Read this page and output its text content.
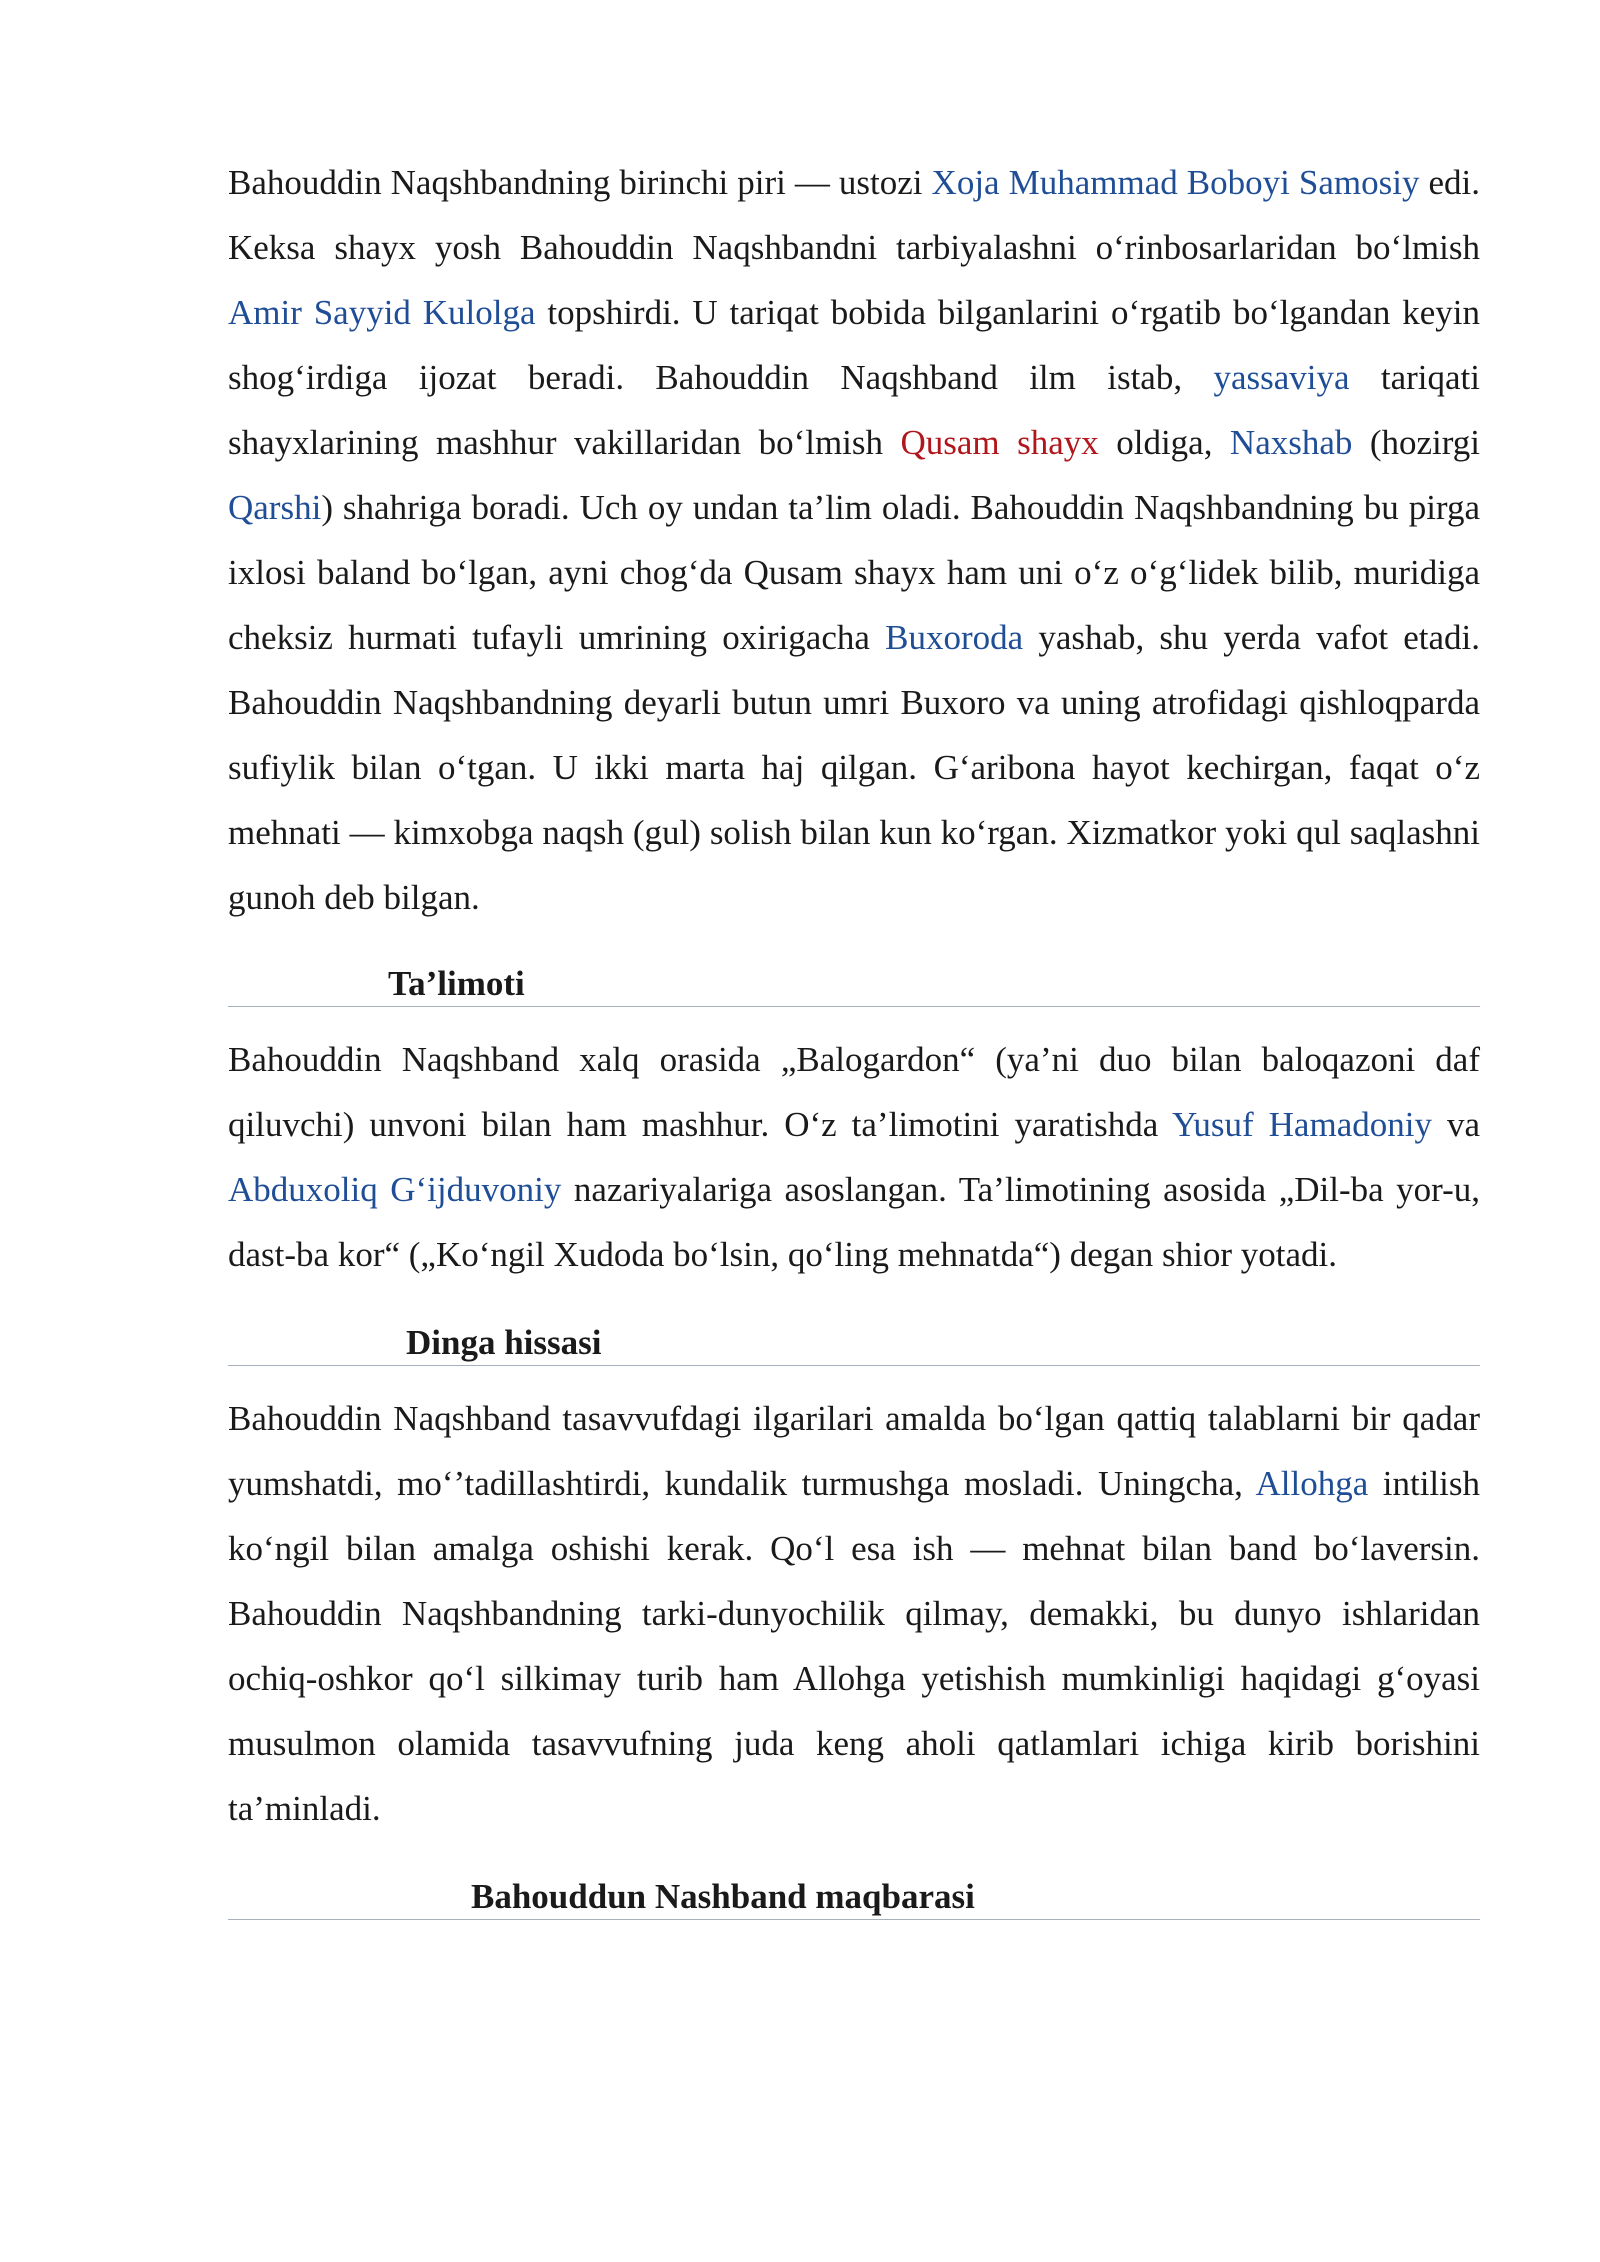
Bahouddin Naqshbandning birinchi piri — ustozi Xoja Muhammad Boboyi Samosiy edi. Keksa shayx yosh Bahouddin Naqshbandni tarbiyalashni o‘rinbosarlaridan bo‘lmish Amir Sayyid Kulolga topshirdi. U tariqat bobida bilganlarini o‘rgatib bo‘lgandan keyin shog‘irdiga ijozat beradi. Bahouddin Naqshband ilm istab, yassaviya tariqati shayxlarining mashhur vakillaridan bo‘lmish Qusam shayx oldiga, Naxshab (hozirgi Qarshi) shahriga boradi. Uch oy undan ta’lim oladi. Bahouddin Naqshbandning bu pirga ixlosi baland bo‘lgan, ayni chog‘da Qusam shayx ham uni o‘z o‘g‘lidek bilib, muridiga cheksiz hurmati tufayli umrining oxirigacha Buxoroda yashab, shu yerda vafot etadi. Bahouddin Naqshbandning deyarli butun umri Buxoro va uning atrofidagi qishloqparda sufiylik bilan o‘tgan. U ikki marta haj qilgan. G‘aribona hayot kechirgan, faqat o‘z mehnati — kimxobga naqsh (gul) solish bilan kun ko‘rgan. Xizmatkor yoki qul saqlashni gunoh deb bilgan.

Ta’limoti

Bahouddin Naqshband xalq orasida „Balogardon“ (ya’ni duo bilan baloqazoni daf qiluvchi) unvoni bilan ham mashhur. O‘z ta’limotini yaratishda Yusuf Hamadoniy va Abduxoliq G‘ijduvoniy nazariyalariga asoslangan. Ta’limotining asosida „Dil-ba yor-u, dast-ba kor“ („Ko‘ngil Xudoda bo‘lsin, qo‘ling mehnatda“) degan shior yotadi.

Dinga hissasi

Bahouddin Naqshband tasavvufdagi ilgarilari amalda bo‘lgan qattiq talablarni bir qadar yumshatdi, mo‘’tadillashtirdi, kundalik turmushga mosladi. Uningcha, Allohga intilish ko‘ngil bilan amalga oshishi kerak. Qo‘l esa ish — mehnat bilan band bo‘laversin. Bahouddin Naqshbandning tarki-dunyochilik qilmay, demakki, bu dunyo ishlaridan ochiq-oshkor qo‘l silkimay turib ham Allohga yetishish mumkinligi haqidagi g‘oyasi musulmon olamida tasavvufning juda keng aholi qatlamlari ichiga kirib borishini ta’minladi.

Bahouddun Nashband maqbarasi
